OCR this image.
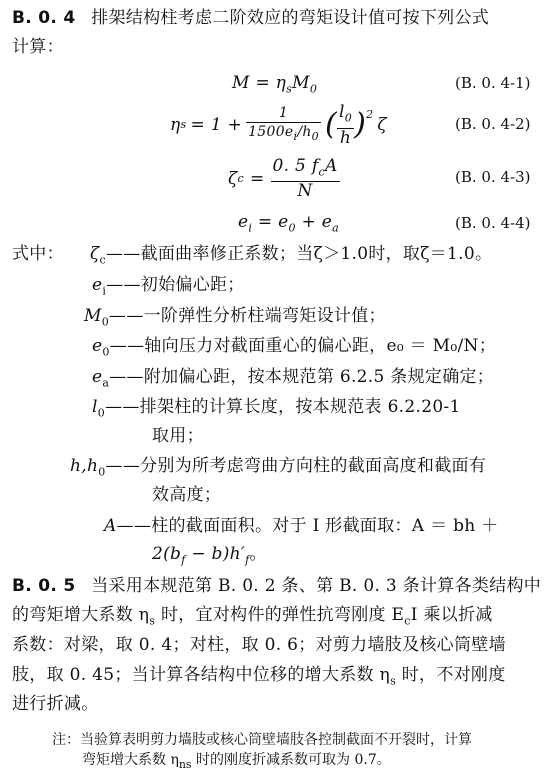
B. 0. 4 排架结构柱考虑二阶效应的弯矩设计值可按下列公式
计算：
$M = \eta_sM_0$	(B. 0. 4-1)
η $s = 1 + \frac{1}{1500e_i/h_0}$ ( $\frac{l_0}{h} )^2$
ζ	(B. 0. 4-2)
ζ $c = \frac{0. 5 f_cA}{N}$	(B. 0. 4-3)
$e_i = e_0 + e_a$	(B. 0. 4-4)
式中： $\zeta_c——$截面曲率修正系数；当ζ＞1.0时，取ζ＝1.0。
$e_i——$初始偏心距；
$M_0——$一阶弹性分析柱端弯矩设计值；
$e_0——$轴向压力对截面重心的偏心距，e₀ ＝ M₀/N；
$e_a——$附加偏心距，按本规范第 6.2.5 条规定确定；
$l_0——$排架柱的计算长度，按本规范表 6.2.20-1
取用；
$h,h_0——$分别为所考虑弯曲方向柱的截面高度和截面有
效高度；
A——柱的截面面积。对于 I 形截面取：A ＝ bh ＋
$2(b_f - b)h'_f$。
B. 0. 5 当采用本规范第 B. 0. 2 条、第 B. 0. 3 条计算各类结构中
的弯矩增大系数 $\eta_s$ 时，宜对构件的弹性抗弯刚度 $E_cI$ 乘以折减
系数：对梁，取 0. 4；对柱，取 0. 6；对剪力墙肢及核心筒壁墙
肢，取 0. 45；当计算各结构中位移的增大系数 $\eta_s$ 时，不对刚度
进行折减。
注：当验算表明剪力墙肢或核心筒壁墙肢各控制截面不开裂时，计算
弯矩增大系数 $\eta_{ns}$ 时的刚度折减系数可取为 0.7。
